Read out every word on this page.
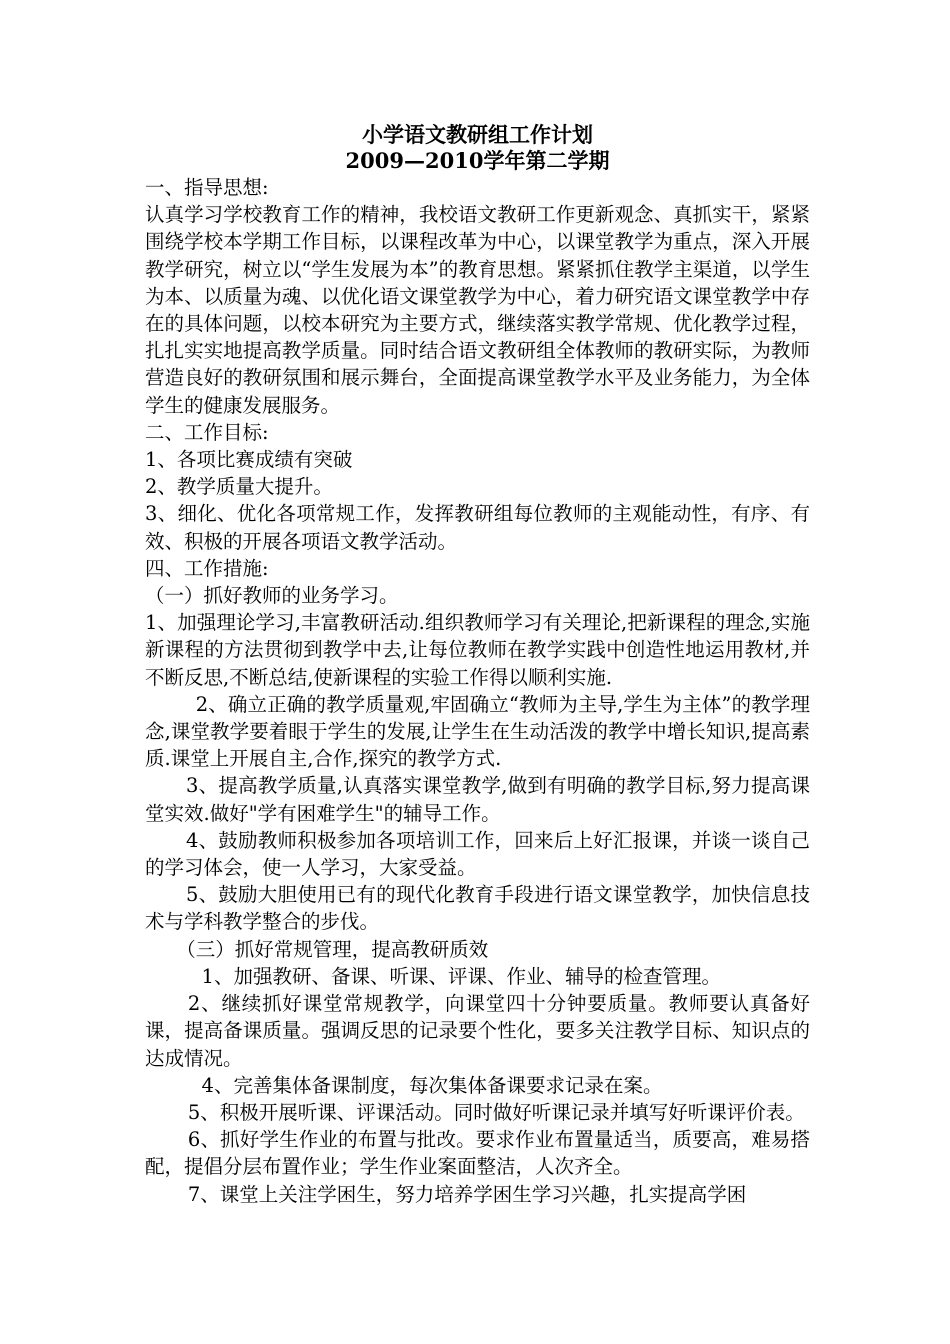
小学语文教研组工作计划
2009—2010学年第二学期

一、指导思想:

认真学习学校教育工作的精神，我校语文教研工作更新观念、真抓实干，紧紧围绕学校本学期工作目标，以课程改革为中心，以课堂教学为重点，深入开展教学研究，树立以“学生发展为本”的教育思想。紧紧抓住教学主渠道，以学生为本、以质量为魂、以优化语文课堂教学为中心，着力研究语文课堂教学中存在的具体问题，以校本研究为主要方式，继续落实教学常规、优化教学过程，扎扎实实地提高教学质量。同时结合语文教研组全体教师的教研实际，为教师营造良好的教研氛围和展示舞台，全面提高课堂教学水平及业务能力，为全体学生的健康发展服务。

二、工作目标:

1、各项比赛成绩有突破

2、教学质量大提升。

3、细化、优化各项常规工作，发挥教研组每位教师的主观能动性，有序、有效、积极的开展各项语文教学活动。

四、工作措施:

（一）抓好教师的业务学习。

1、加强理论学习,丰富教研活动.组织教师学习有关理论,把新课程的理念,实施新课程的方法贯彻到教学中去,让每位教师在教学实践中创造性地运用教材,并不断反思,不断总结,使新课程的实验工作得以顺利实施.

2、确立正确的教学质量观,牢固确立“教师为主导,学生为主体”的教学理念,课堂教学要着眼于学生的发展,让学生在生动活泼的教学中增长知识,提高素质.课堂上开展自主,合作,探究的教学方式.

3、提高教学质量,认真落实课堂教学,做到有明确的教学目标,努力提高课堂实效.做好"学有困难学生"的辅导工作。

4、鼓励教师积极参加各项培训工作，回来后上好汇报课，并谈一谈自己的学习体会，使一人学习，大家受益。

5、鼓励大胆使用已有的现代化教育手段进行语文课堂教学，加快信息技术与学科教学整合的步伐。

（三）抓好常规管理，提高教研质效

1、加强教研、备课、听课、评课、作业、辅导的检查管理。

2、继续抓好课堂常规教学，向课堂四十分钟要质量。教师要认真备好课，提高备课质量。强调反思的记录要个性化，要多关注教学目标、知识点的达成情况。

4、完善集体备课制度，每次集体备课要求记录在案。

5、积极开展听课、评课活动。同时做好听课记录并填写好听课评价表。

6、抓好学生作业的布置与批改。要求作业布置量适当，质要高，难易搭配，提倡分层布置作业；学生作业案面整洁，人次齐全。

7、课堂上关注学困生，努力培养学困生学习兴趣，扎实提高学困
